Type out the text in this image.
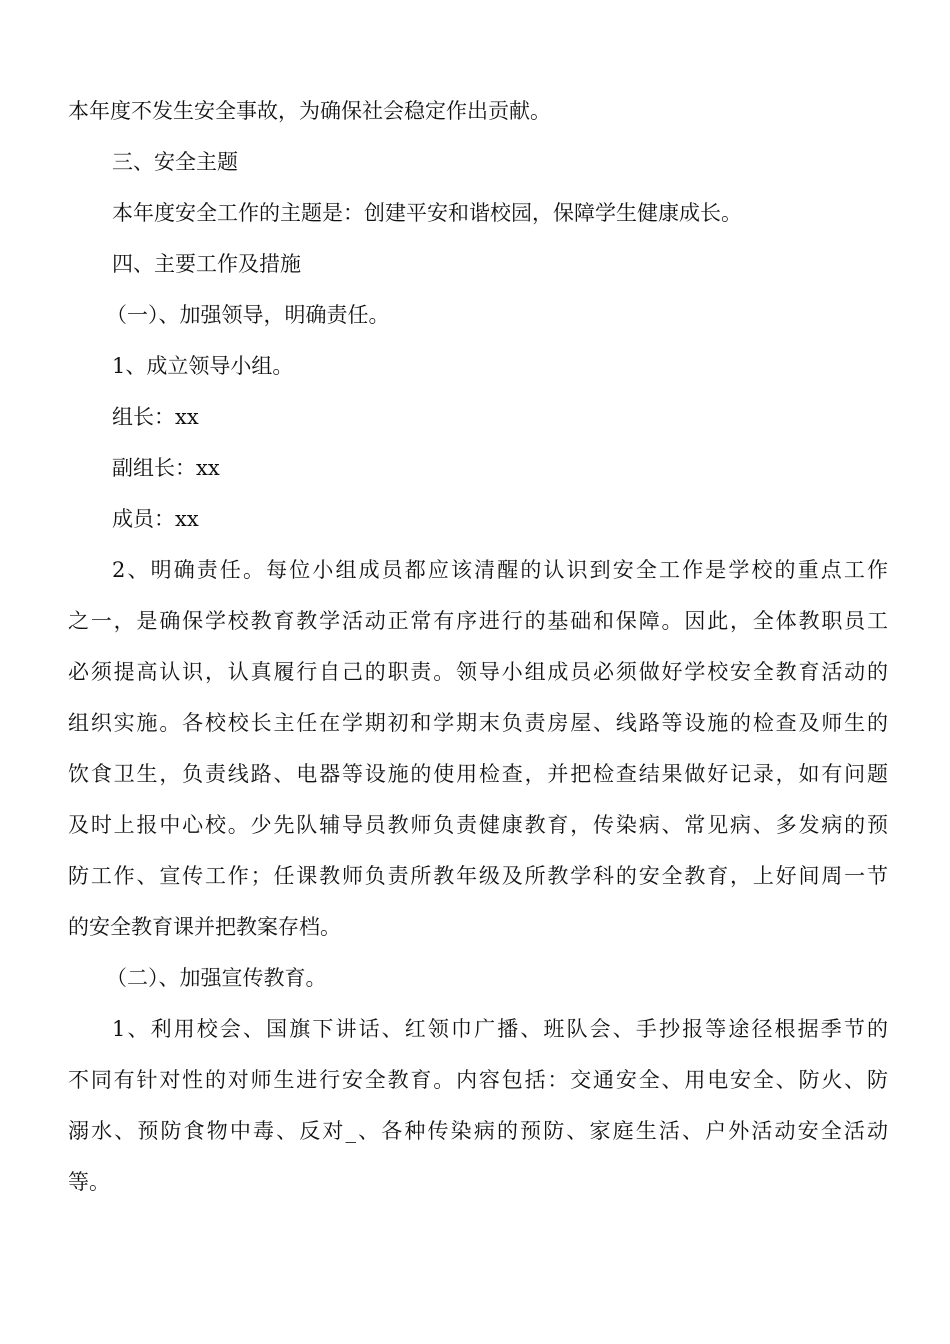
本年度不发生安全事故，为确保社会稳定作出贡献。
三、安全主题
本年度安全工作的主题是：创建平安和谐校园，保障学生健康成长。
四、主要工作及措施
（一）、加强领导，明确责任。
1、成立领导小组。
组长：xx
副组长：xx
成员：xx
2、明确责任。每位小组成员都应该清醒的认识到安全工作是学校的重点工作
之一，是确保学校教育教学活动正常有序进行的基础和保障。因此，全体教职员工
必须提高认识，认真履行自己的职责。领导小组成员必须做好学校安全教育活动的
组织实施。各校校长主任在学期初和学期末负责房屋、线路等设施的检查及师生的
饮食卫生，负责线路、电器等设施的使用检查，并把检查结果做好记录，如有问题
及时上报中心校。少先队辅导员教师负责健康教育，传染病、常见病、多发病的预
防工作、宣传工作；任课教师负责所教年级及所教学科的安全教育，上好间周一节
的安全教育课并把教案存档。
（二）、加强宣传教育。
1、利用校会、国旗下讲话、红领巾广播、班队会、手抄报等途径根据季节的
不同有针对性的对师生进行安全教育。内容包括：交通安全、用电安全、防火、防
溺水、预防食物中毒、反对_、各种传染病的预防、家庭生活、户外活动安全活动
等。
